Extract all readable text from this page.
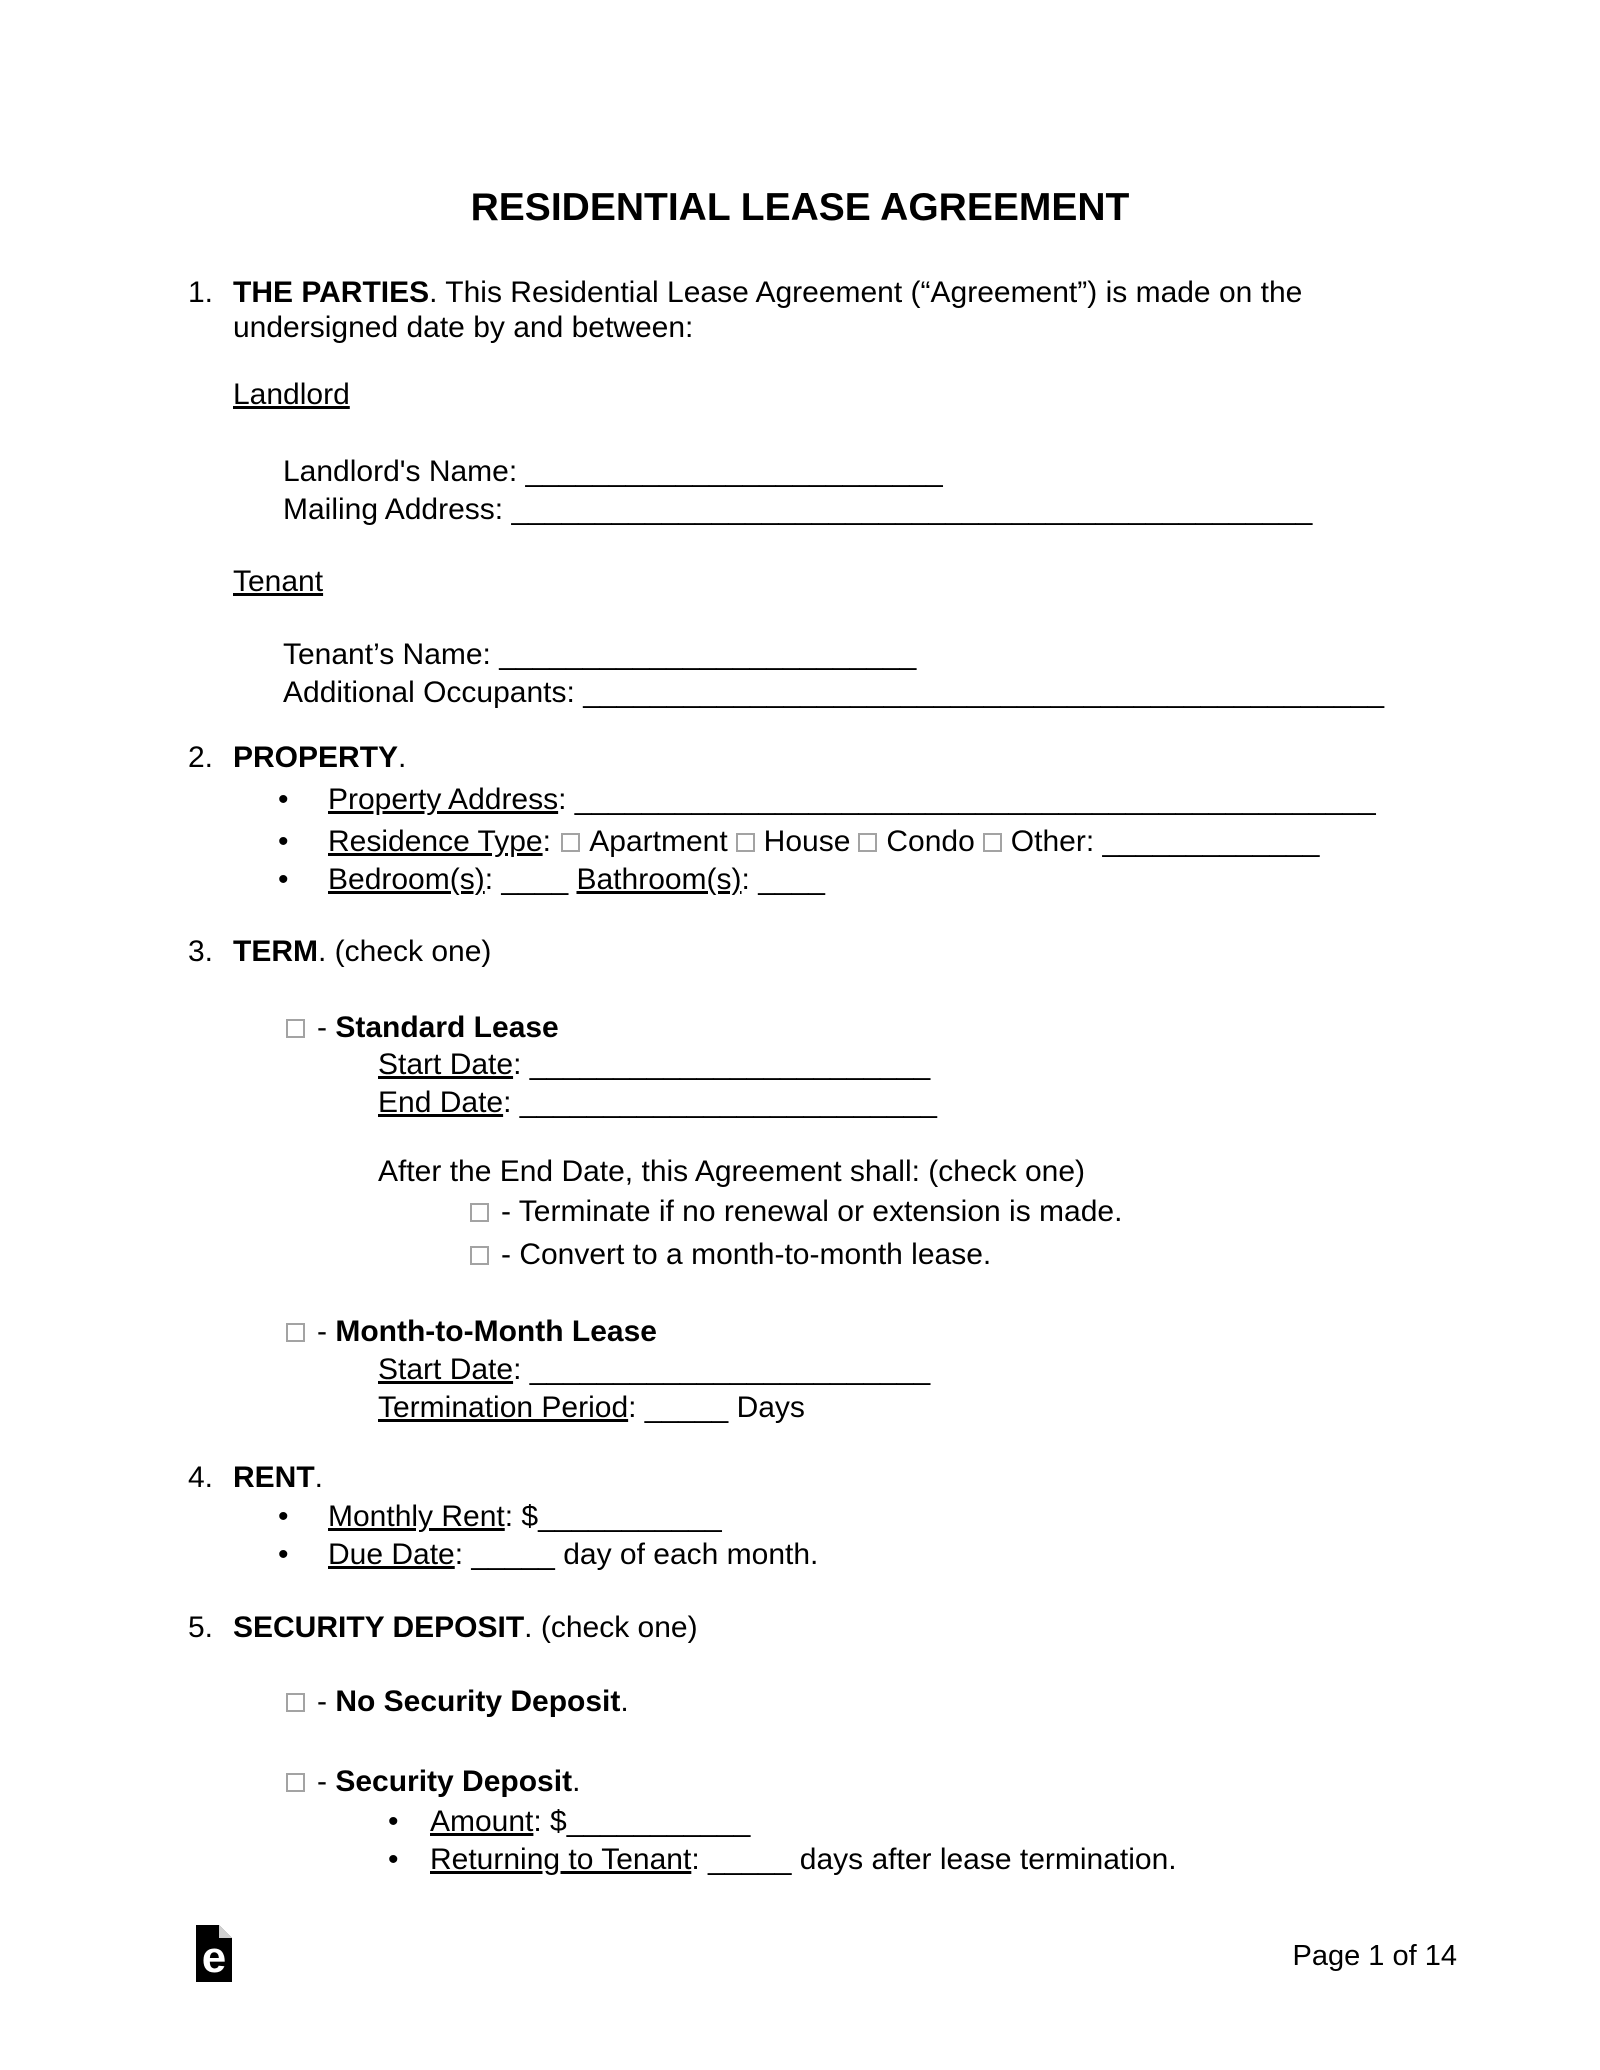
RESIDENTIAL LEASE AGREEMENT
1. THE PARTIES. This Residential Lease Agreement (“Agreement”) is made on the
undersigned date by and between:
Landlord
Landlord's Name: _________________________
Mailing Address: ________________________________________________
Tenant
Tenant’s Name: _________________________
Additional Occupants: ________________________________________________
2. PROPERTY.
• Property Address: ________________________________________________
• Residence Type: Apartment House Condo Other: _____________
• Bedroom(s): ____ Bathroom(s): ____
3. TERM. (check one)
- Standard Lease
Start Date: ________________________
End Date: _________________________
After the End Date, this Agreement shall: (check one)
- Terminate if no renewal or extension is made.
- Convert to a month-to-month lease.
- Month-to-Month Lease
Start Date: ________________________
Termination Period: _____ Days
4. RENT.
• Monthly Rent: $___________
• Due Date: _____ day of each month.
5. SECURITY DEPOSIT. (check one)
- No Security Deposit.
- Security Deposit.
• Amount: $___________
• Returning to Tenant: _____ days after lease termination.
e	Page 1 of 14
